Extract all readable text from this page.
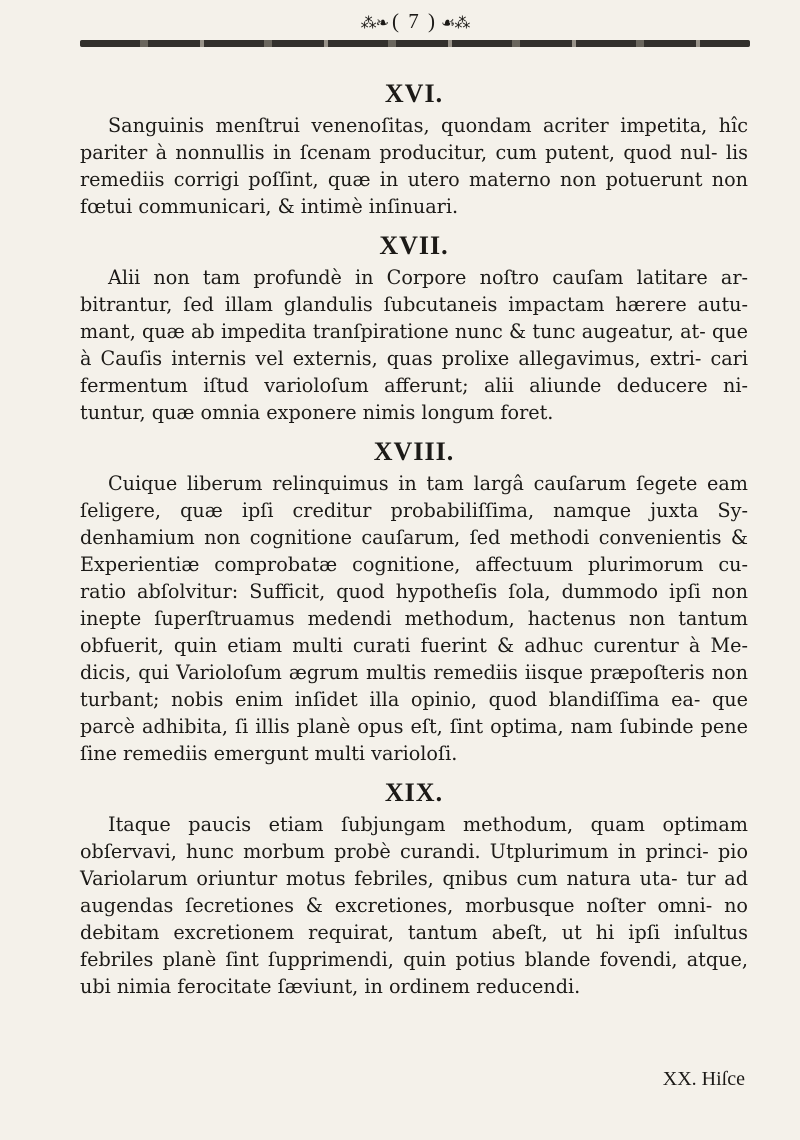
⁂❧ ( 7 ) ☙⁂
XVI.

Sanguinis menſtrui venenoſitas, quondam acriter impetita, hîc pariter à nonnullis in ſcenam producitur, cum putent, quod nul- lis remediis corrigi poſſint, quæ in utero materno non potuerunt non fœtui communicari, & intimè inſinuari.

XVII.

Alii non tam profundè in Corpore noſtro cauſam latitare ar- bitrantur, ſed illam glandulis ſubcutaneis impactam hærere autu- mant, quæ ab impedita tranſpiratione nunc & tunc augeatur, at- que à Cauſis internis vel externis, quas prolixe allegavimus, extri- cari fermentum iſtud varioloſum afferunt; alii aliunde deducere ni- tuntur, quæ omnia exponere nimis longum foret.

XVIII.

Cuique liberum relinquimus in tam largâ cauſarum ſegete eam ſeligere, quæ ipſi creditur probabiliſſima, namque juxta Sy- denhamium non cognitione cauſarum, ſed methodi convenientis & Experientiæ comprobatæ cognitione, affectuum plurimorum cu- ratio abſolvitur: Sufficit, quod hypotheſis ſola, dummodo ipſi non inepte ſuperſtruamus medendi methodum, hactenus non tantum obfuerit, quin etiam multi curati fuerint & adhuc curentur à Me- dicis, qui Varioloſum ægrum multis remediis iisque præpoſteris non turbant; nobis enim inſidet illa opinio, quod blandiſſima ea- que parcè adhibita, ſi illis planè opus eſt, ſint optima, nam ſubinde pene ſine remediis emergunt multi varioloſi.

XIX.

Itaque paucis etiam ſubjungam methodum, quam optimam obſervavi, hunc morbum probè curandi. Utplurimum in princi- pio Variolarum oriuntur motus febriles, qnibus cum natura uta- tur ad augendas ſecretiones & excretiones, morbusque noſter omni- no debitam excretionem requirat, tantum abeſt, ut hi ipſi inſultus febriles planè ſint ſupprimendi, quin potius blande fovendi, atque, ubi nimia ferocitate ſæviunt, in ordinem reducendi.

XX. Hiſce
